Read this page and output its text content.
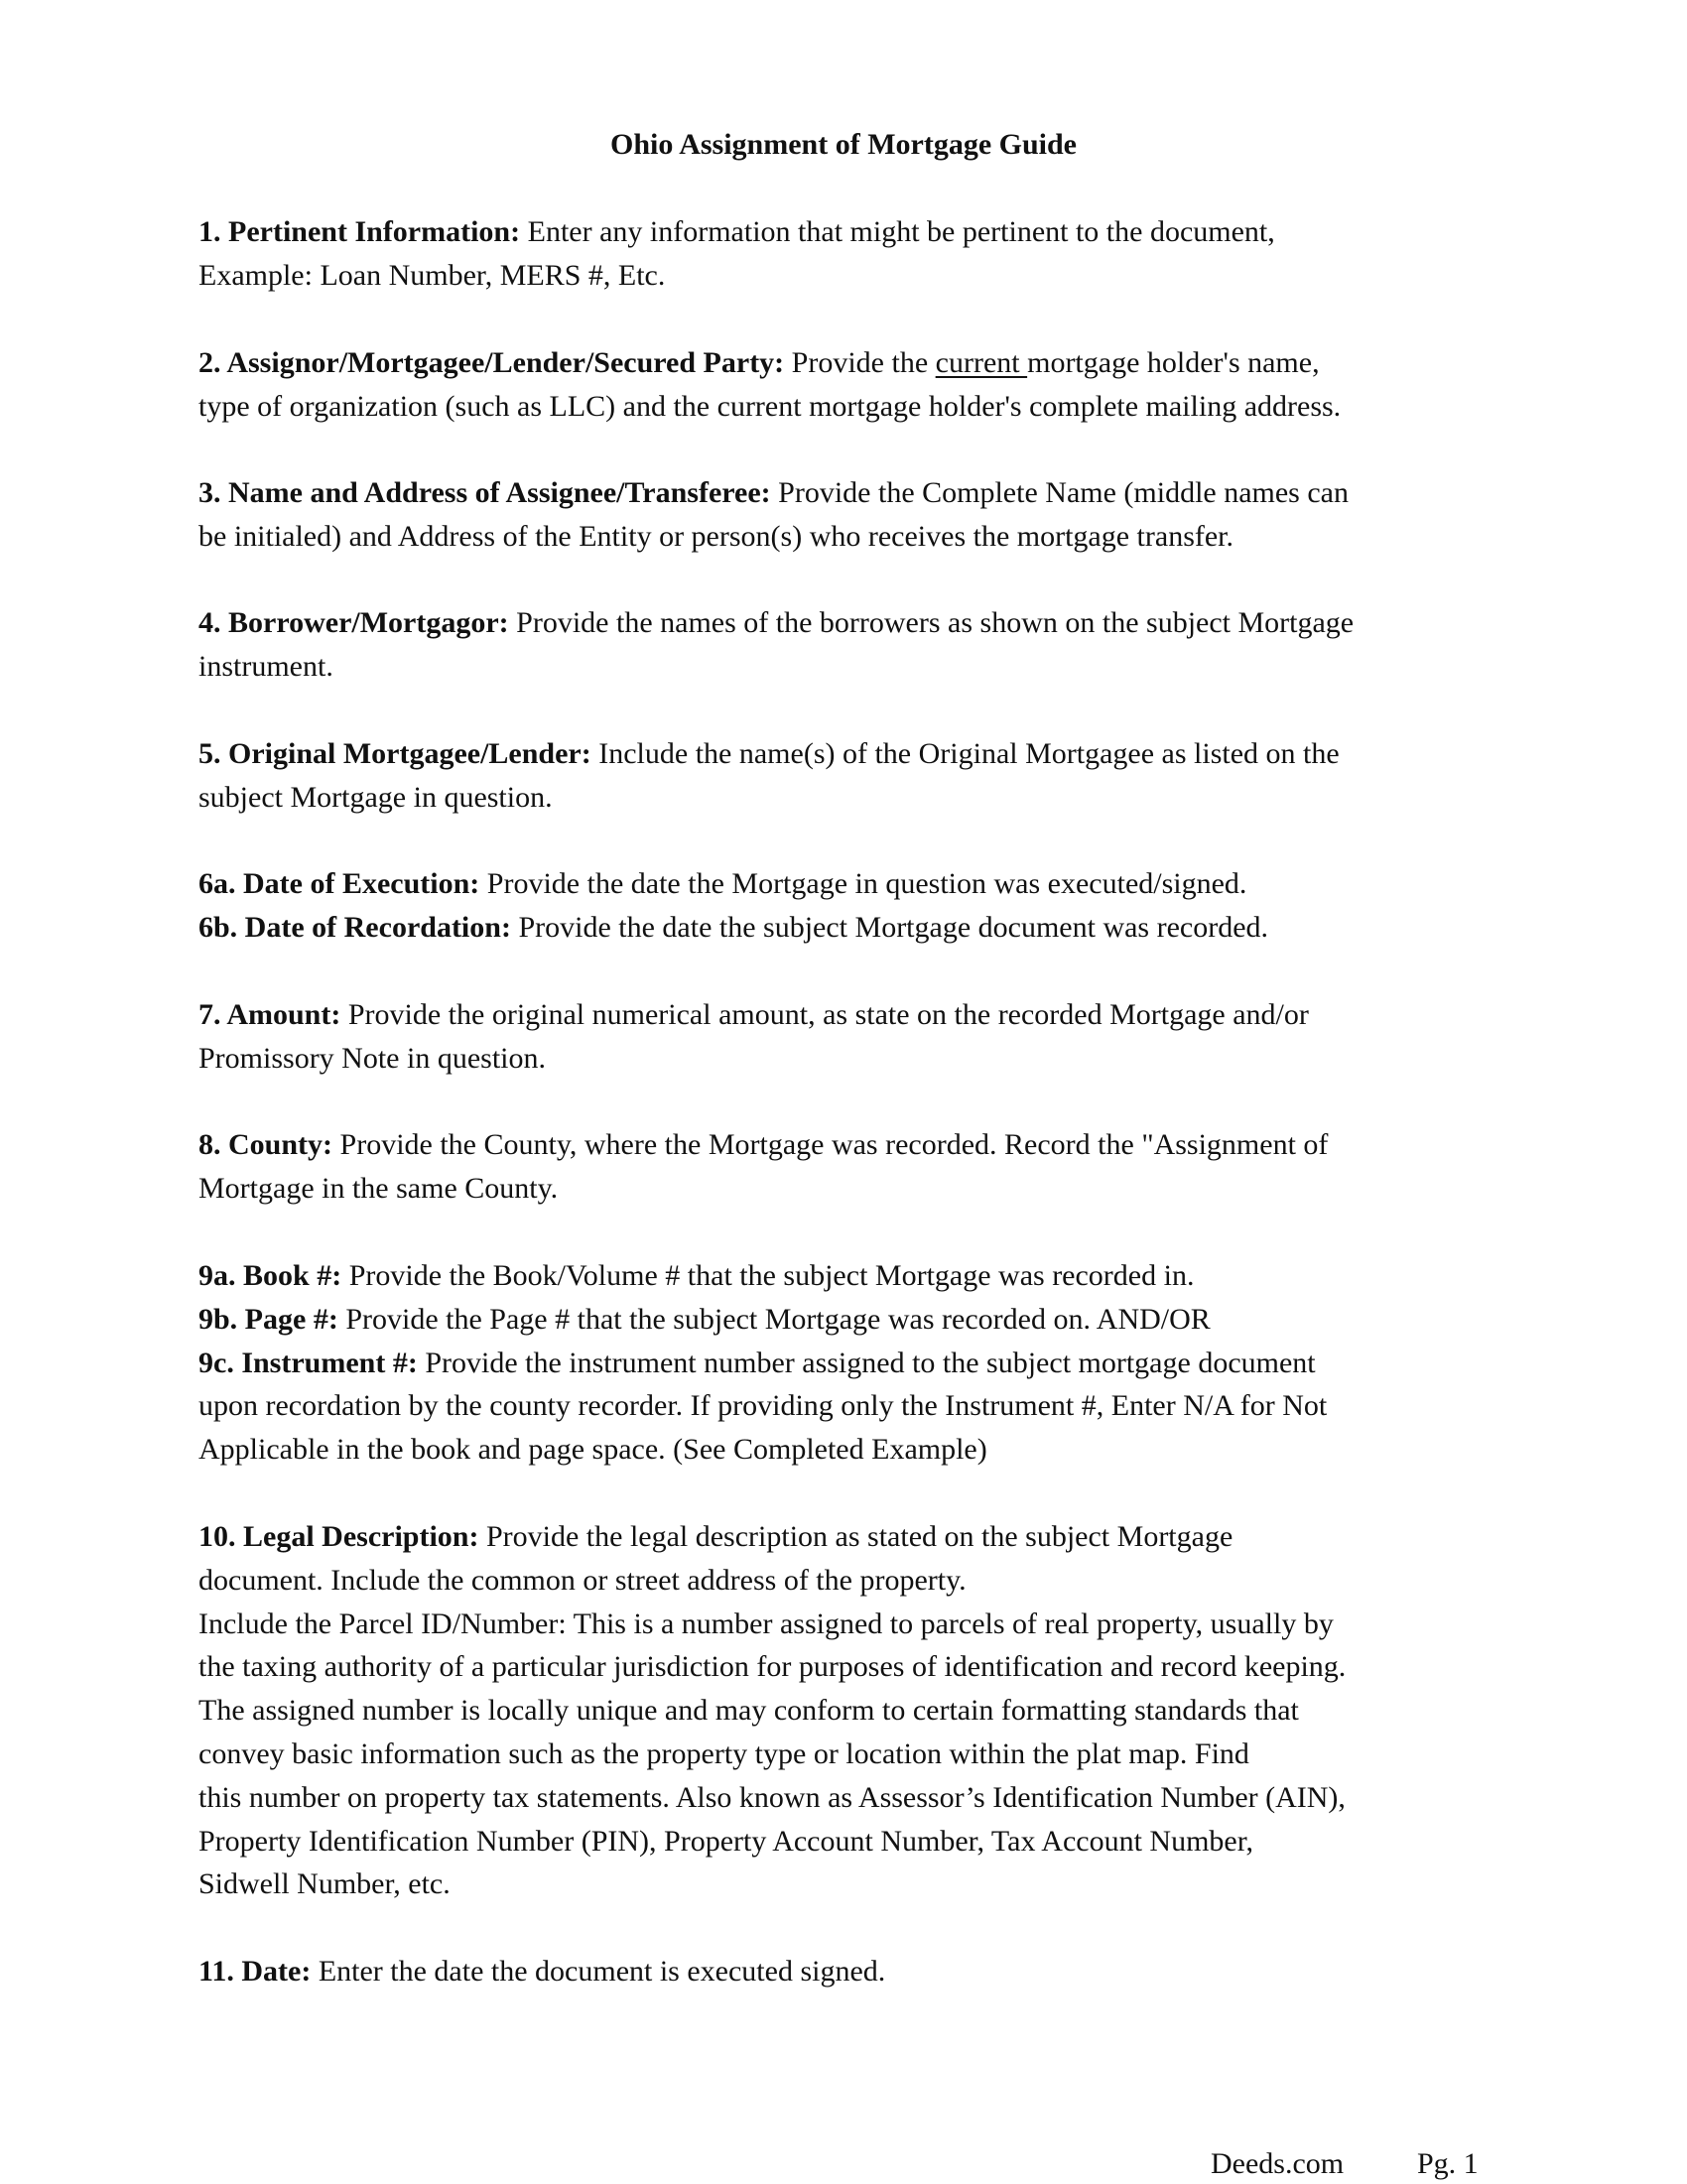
Ohio Assignment of Mortgage Guide
1. Pertinent Information: Enter any information that might be pertinent to the document,
Example: Loan Number, MERS #, Etc.
2. Assignor/Mortgagee/Lender/Secured Party: Provide the current mortgage holder's name,
type of organization (such as LLC) and the current mortgage holder's complete mailing address.
3. Name and Address of Assignee/Transferee: Provide the Complete Name (middle names can
be initialed) and Address of the Entity or person(s) who receives the mortgage transfer.
4. Borrower/Mortgagor: Provide the names of the borrowers as shown on the subject Mortgage
instrument.
5. Original Mortgagee/Lender: Include the name(s) of the Original Mortgagee as listed on the
subject Mortgage in question.
6a. Date of Execution: Provide the date the Mortgage in question was executed/signed.
6b. Date of Recordation: Provide the date the subject Mortgage document was recorded.
7. Amount: Provide the original numerical amount, as state on the recorded Mortgage and/or
Promissory Note in question.
8. County: Provide the County, where the Mortgage was recorded. Record the "Assignment of
Mortgage in the same County.
9a. Book #: Provide the Book/Volume # that the subject Mortgage was recorded in.
9b. Page #: Provide the Page # that the subject Mortgage was recorded on. AND/OR
9c. Instrument #: Provide the instrument number assigned to the subject mortgage document
upon recordation by the county recorder. If providing only the Instrument #, Enter N/A for Not
Applicable in the book and page space. (See Completed Example)
10. Legal Description: Provide the legal description as stated on the subject Mortgage
document. Include the common or street address of the property.
Include the Parcel ID/Number: This is a number assigned to parcels of real property, usually by
the taxing authority of a particular jurisdiction for purposes of identification and record keeping.
The assigned number is locally unique and may conform to certain formatting standards that
convey basic information such as the property type or location within the plat map. Find
this number on property tax statements. Also known as Assessor’s Identification Number (AIN),
Property Identification Number (PIN), Property Account Number, Tax Account Number,
Sidwell Number, etc.
11. Date: Enter the date the document is executed signed.
Deeds.com Pg. 1
